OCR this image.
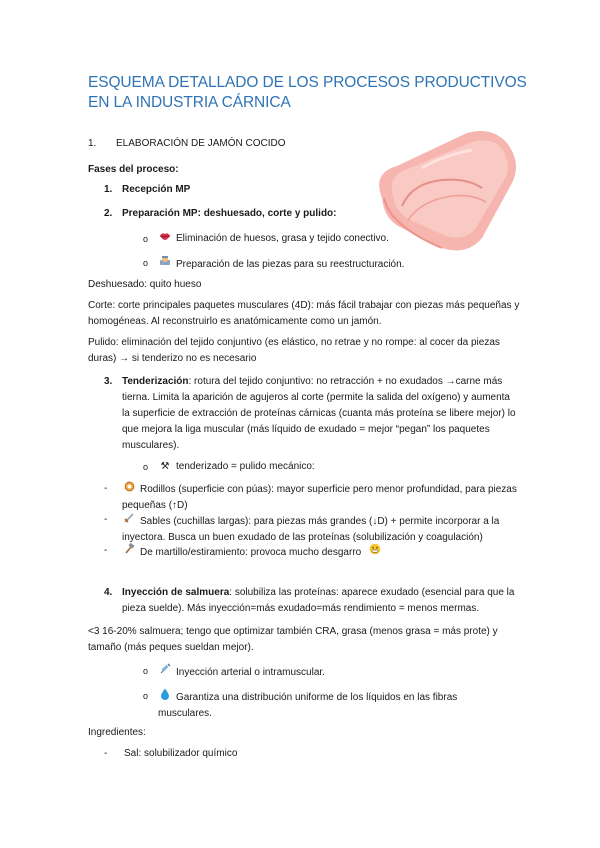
ESQUEMA DETALLADO DE LOS PROCESOS PRODUCTIVOS EN LA INDUSTRIA CÁRNICA
1. ELABORACIÓN DE JAMÓN COCIDO
Fases del proceso:
1. Recepción MP
2. Preparación MP: deshuesado, corte y pulido:
o	Eliminación de huesos, grasa y tejido conectivo.
o	Preparación de las piezas para su reestructuración.
Deshuesado: quito hueso
Corte: corte principales paquetes musculares (4D): más fácil trabajar con piezas más pequeñas y homogéneas. Al reconstruirlo es anatómicamente como un jamón.
Pulido: eliminación del tejido conjuntivo (es elástico, no retrae y no rompe: al cocer da piezas duras) → si tenderizo no es necesario
3. Tenderización: rotura del tejido conjuntivo: no retracción + no exudados →carne más tierna. Limita la aparición de agujeros al corte (permite la salida del oxígeno) y aumenta la superficie de extracción de proteínas cárnicas (cuanta más proteína se libere mejor) lo que mejora la liga muscular (más líquido de exudado = mejor “pegan” los paquetes musculares).
o ⚒ tenderizado = pulido mecánico:
-	Rodillos (superficie con púas): mayor superficie pero menor profundidad, para piezas pequeñas (↑D)
-	Sables (cuchillas largas): para piezas más grandes (↓D) + permite incorporar a la inyectora. Busca un buen exudado de las proteínas (solubilización y coagulación)
-	De martillo/estiramiento: provoca mucho desgarro
4. Inyección de salmuera: solubiliza las proteínas: aparece exudado (esencial para que la pieza suelde). Más inyección=más exudado=más rendimiento = menos mermas.
<3 16-20% salmuera; tengo que optimizar también CRA, grasa (menos grasa = más prote) y tamaño (más peques sueldan mejor).
o	Inyección arterial o intramuscular.
o	Garantiza una distribución uniforme de los líquidos en las fibras musculares.
Ingredientes:
- Sal: solubilizador químico
